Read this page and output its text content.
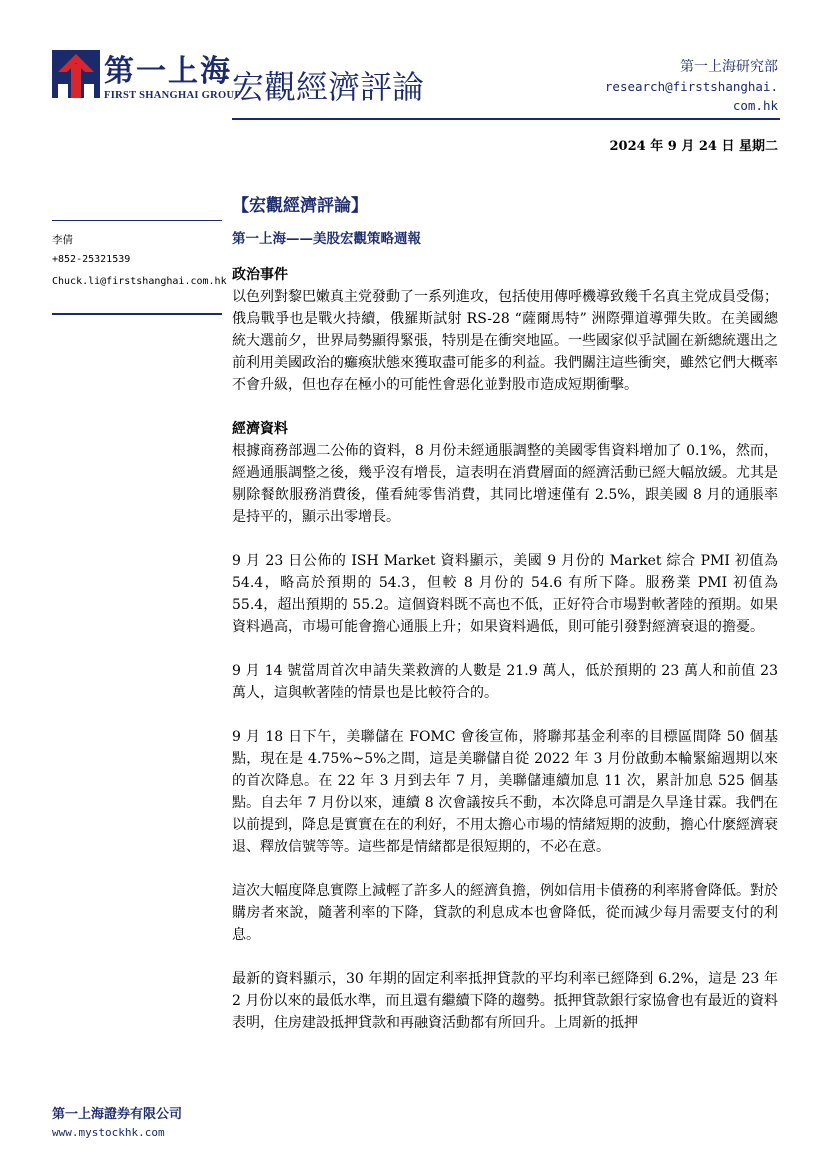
第一上海
FIRST SHANGHAI GROUP
宏觀經濟評論
第一上海研究部
research@firstshanghai.com.hk
2024 年 9 月 24 日 星期二
李倩
+852-25321539
Chuck.li@firstshanghai.com.hk
【宏觀經濟評論】
第一上海——美股宏觀策略週報
政治事件

以色列對黎巴嫩真主党發動了一系列進攻，包括使用傳呼機導致幾千名真主党成員受傷；俄烏戰爭也是戰火持續，俄羅斯試射 RS-28 “薩爾馬特” 洲際彈道導彈失敗。在美國總統大選前夕，世界局勢顯得緊張，特別是在衝突地區。一些國家似乎試圖在新總統選出之前利用美國政治的癱瘓狀態來獲取盡可能多的利益。我們關注這些衝突，雖然它們大概率不會升級，但也存在極小的可能性會惡化並對股市造成短期衝擊。

經濟資料

根據商務部週二公佈的資料，8 月份未經通脹調整的美國零售資料增加了 0.1%，然而，經過通脹調整之後，幾乎沒有增長，這表明在消費層面的經濟活動已經大幅放緩。尤其是剔除餐飲服務消費後，僅看純零售消費，其同比增速僅有 2.5%，跟美國 8 月的通脹率是持平的，顯示出零增長。

9 月 23 日公佈的 ISH Market 資料顯示，美國 9 月份的 Market 綜合 PMI 初值為 54.4，略高於預期的 54.3，但較 8 月份的 54.6 有所下降。服務業 PMI 初值為 55.4，超出預期的 55.2。這個資料既不高也不低，正好符合市場對軟著陸的預期。如果資料過高，市場可能會擔心通脹上升；如果資料過低，則可能引發對經濟衰退的擔憂。

9 月 14 號當周首次申請失業救濟的人數是 21.9 萬人，低於預期的 23 萬人和前值 23 萬人，這與軟著陸的情景也是比較符合的。

9 月 18 日下午，美聯儲在 FOMC 會後宣佈，將聯邦基金利率的目標區間降 50 個基點，現在是 4.75%~5%之間，這是美聯儲自從 2022 年 3 月份啟動本輪緊縮週期以來的首次降息。在 22 年 3 月到去年 7 月，美聯儲連續加息 11 次，累計加息 525 個基點。自去年 7 月份以來，連續 8 次會議按兵不動，本次降息可謂是久旱逢甘霖。我們在以前提到，降息是實實在在的利好，不用太擔心市場的情緒短期的波動，擔心什麼經濟衰退、釋放信號等等。這些都是情緒都是很短期的，不必在意。

這次大幅度降息實際上減輕了許多人的經濟負擔，例如信用卡債務的利率將會降低。對於購房者來說，隨著利率的下降，貸款的利息成本也會降低，從而減少每月需要支付的利息。

最新的資料顯示，30 年期的固定利率抵押貸款的平均利率已經降到 6.2%，這是 23 年 2 月份以來的最低水準，而且還有繼續下降的趨勢。抵押貸款銀行家協會也有最近的資料表明，住房建設抵押貸款和再融資活動都有所回升。上周新的抵押

第一上海證券有限公司
www.mystockhk.com
